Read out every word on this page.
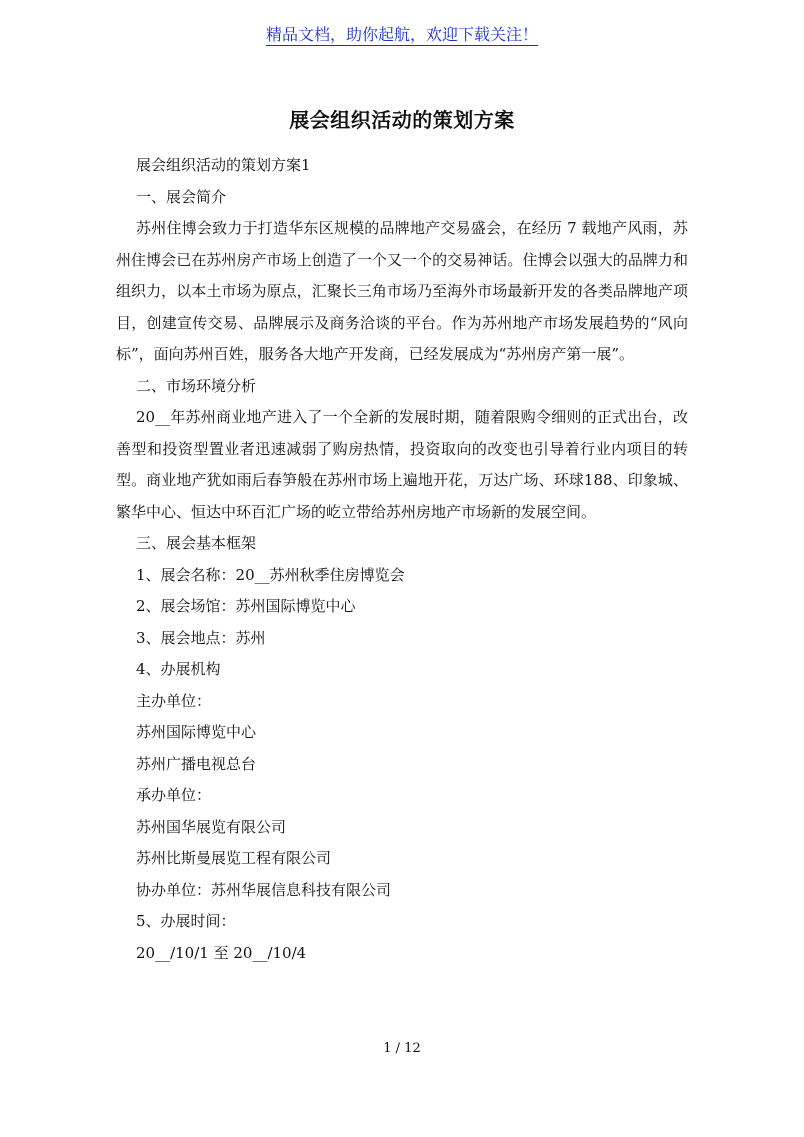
精品文档，助你起航，欢迎下载关注！
展会组织活动的策划方案
展会组织活动的策划方案1
一、展会简介

苏州住博会致力于打造华东区规模的品牌地产交易盛会，在经历 7 载地产风雨，苏州住博会已在苏州房产市场上创造了一个又一个的交易神话。住博会以强大的品牌力和组织力，以本土市场为原点，汇聚长三角市场乃至海外市场最新开发的各类品牌地产项目，创建宣传交易、品牌展示及商务洽谈的平台。作为苏州地产市场发展趋势的“风向标”，面向苏州百姓，服务各大地产开发商，已经发展成为“苏州房产第一展”。

二、市场环境分析

20__年苏州商业地产进入了一个全新的发展时期，随着限购令细则的正式出台，改善型和投资型置业者迅速减弱了购房热情，投资取向的改变也引导着行业内项目的转型。商业地产犹如雨后春笋般在苏州市场上遍地开花，万达广场、环球188、印象城、繁华中心、恒达中环百汇广场的屹立带给苏州房地产市场新的发展空间。

三、展会基本框架
1、展会名称：20__苏州秋季住房博览会
2、展会场馆：苏州国际博览中心
3、展会地点：苏州
4、办展机构
主办单位：
苏州国际博览中心
苏州广播电视总台
承办单位：
苏州国华展览有限公司
苏州比斯曼展览工程有限公司
协办单位：苏州华展信息科技有限公司
5、办展时间：
20__/10/1 至 20__/10/4
1 / 12
